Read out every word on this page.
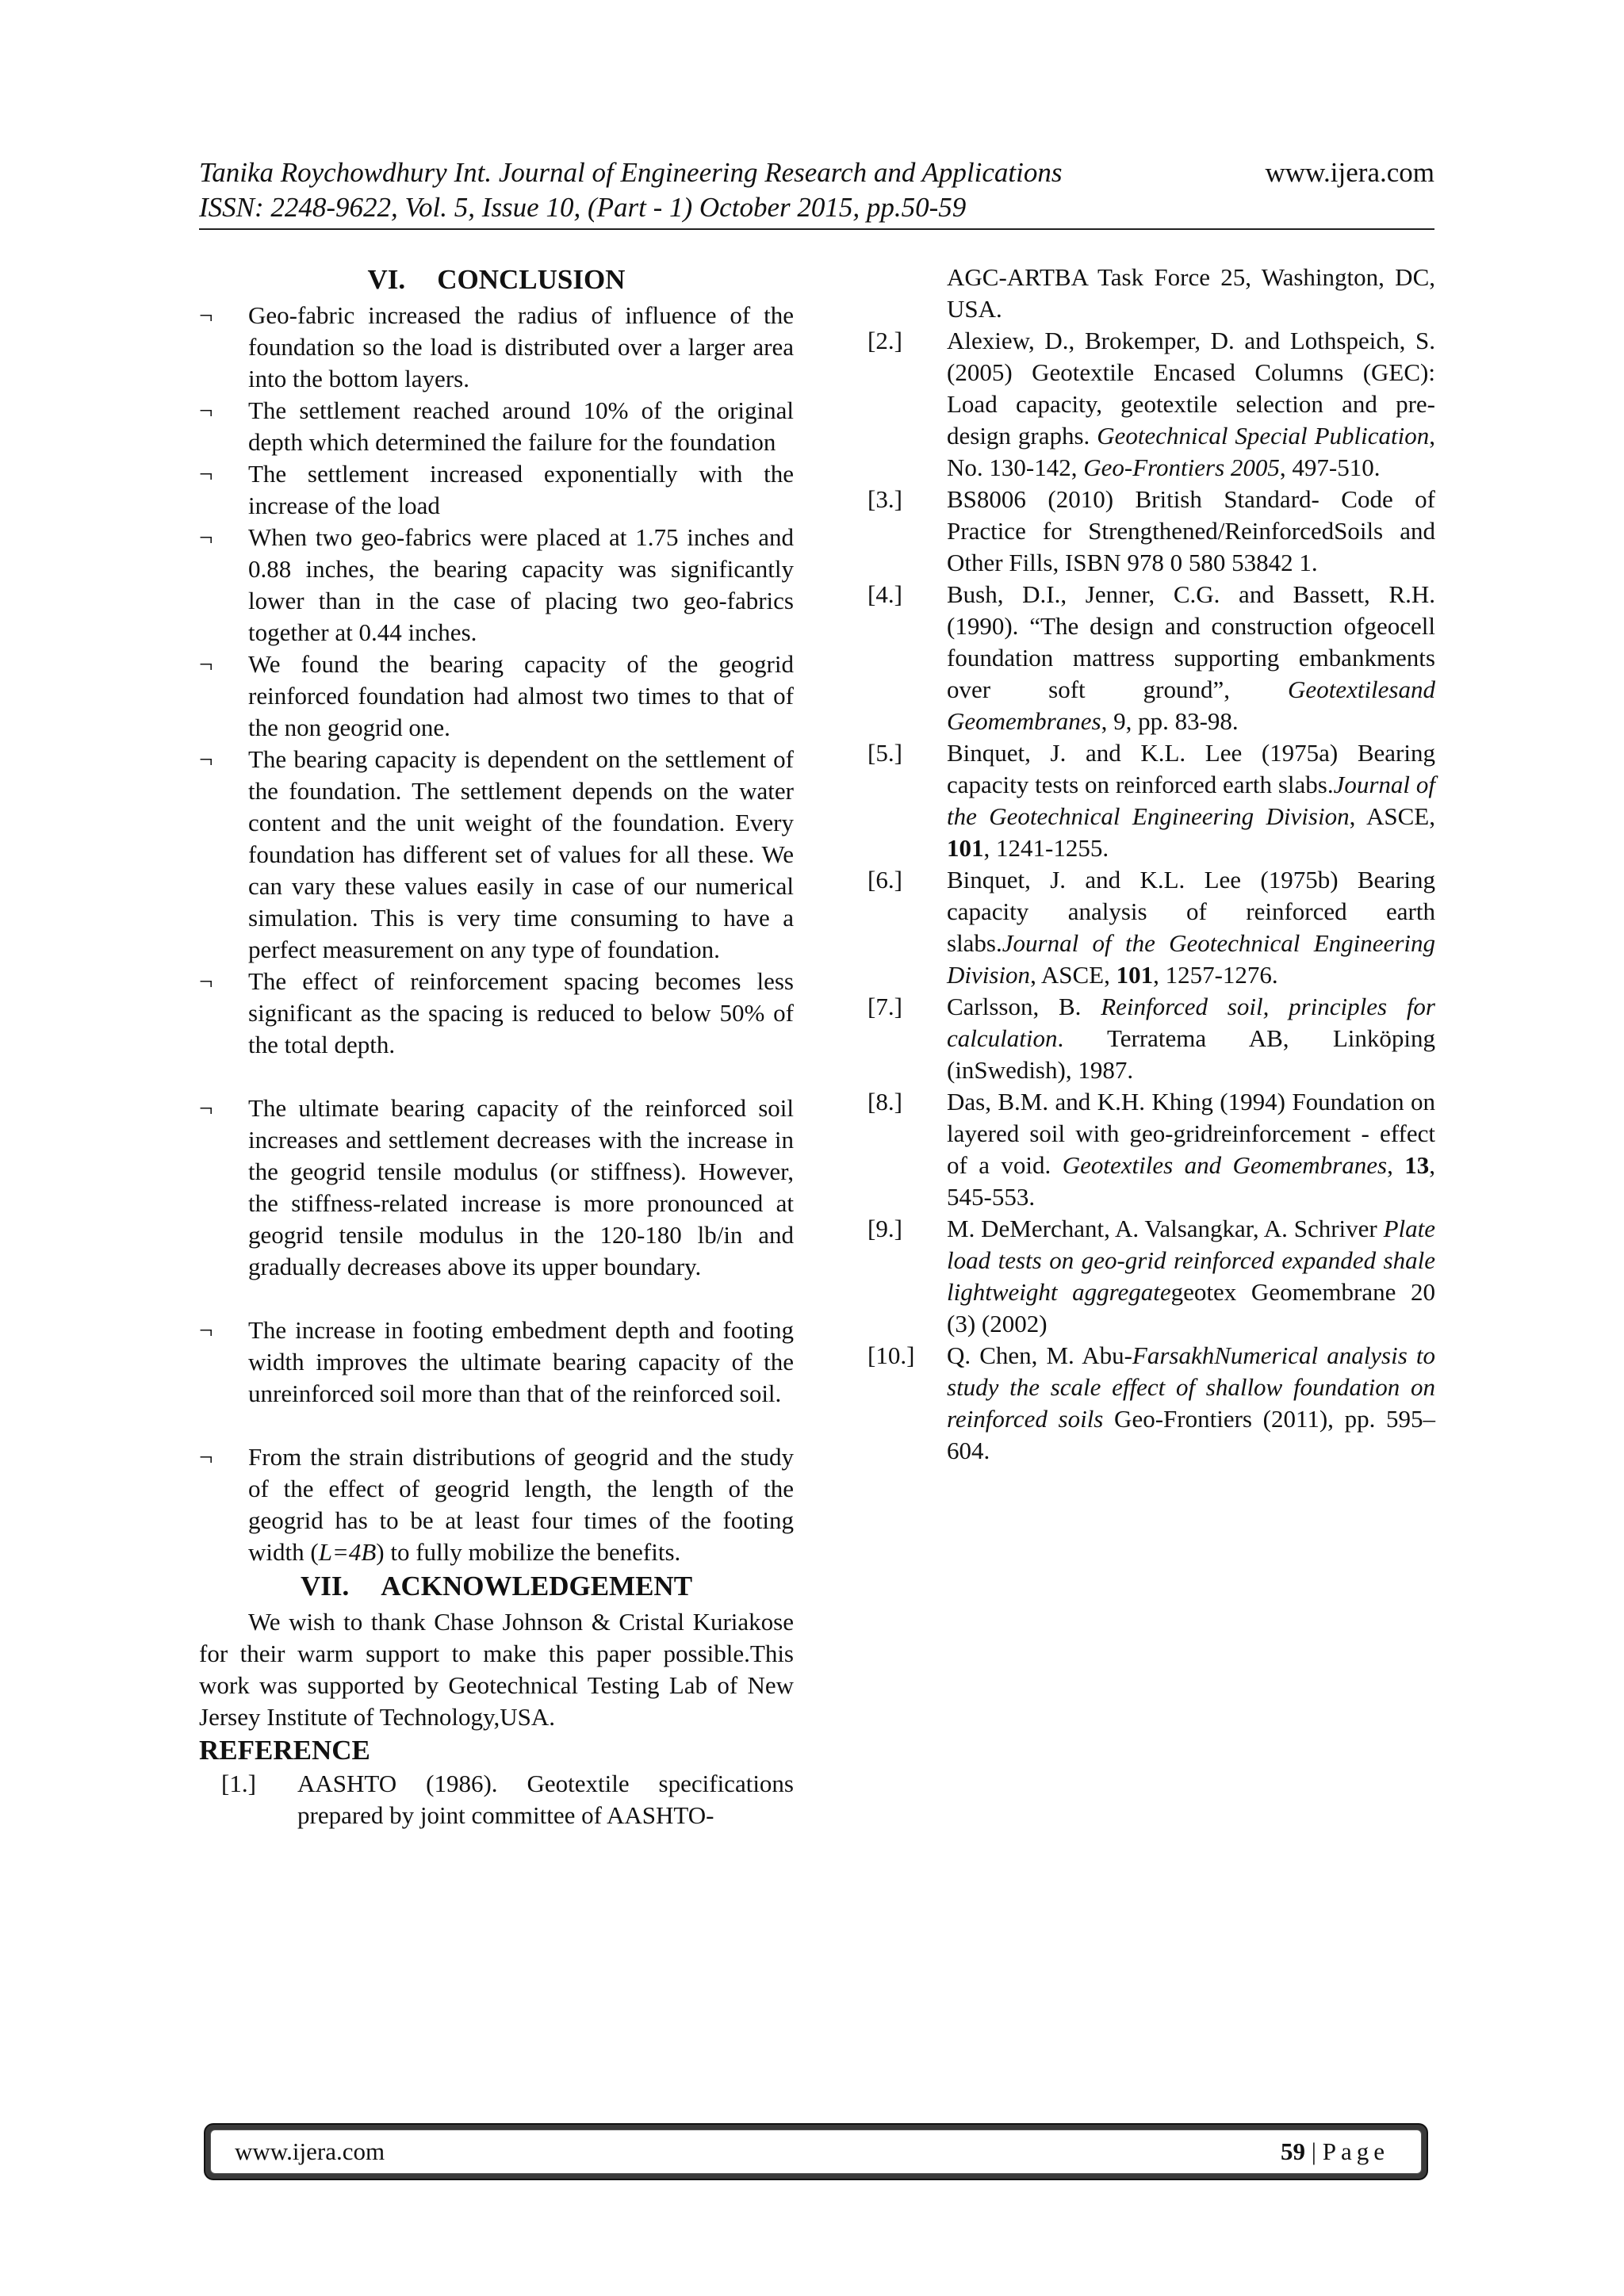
Tanika Roychowdhury Int. Journal of Engineering Research and Applications	www.ijera.com
ISSN: 2248-9622, Vol. 5, Issue 10, (Part - 1) October 2015, pp.50-59
VI. CONCLUSION
¬ Geo-fabric increased the radius of influence of the foundation so the load is distributed over a larger area into the bottom layers.
¬ The settlement reached around 10% of the original depth which determined the failure for the foundation
¬ The settlement increased exponentially with the increase of the load
¬ When two geo-fabrics were placed at 1.75 inches and 0.88 inches, the bearing capacity was significantly lower than in the case of placing two geo-fabrics together at 0.44 inches.
¬ We found the bearing capacity of the geogrid reinforced foundation had almost two times to that of the non geogrid one.
¬ The bearing capacity is dependent on the settlement of the foundation. The settlement depends on the water content and the unit weight of the foundation. Every foundation has different set of values for all these. We can vary these values easily in case of our numerical simulation. This is very time consuming to have a perfect measurement on any type of foundation.
¬ The effect of reinforcement spacing becomes less significant as the spacing is reduced to below 50% of the total depth.
¬ The ultimate bearing capacity of the reinforced soil increases and settlement decreases with the increase in the geogrid tensile modulus (or stiffness). However, the stiffness-related increase is more pronounced at geogrid tensile modulus in the 120-180 lb/in and gradually decreases above its upper boundary.
¬ The increase in footing embedment depth and footing width improves the ultimate bearing capacity of the unreinforced soil more than that of the reinforced soil.
¬ From the strain distributions of geogrid and the study of the effect of geogrid length, the length of the geogrid has to be at least four times of the footing width (L=4B) to fully mobilize the benefits.
VII. ACKNOWLEDGEMENT

We wish to thank Chase Johnson & Cristal Kuriakose for their warm support to make this paper possible.This work was supported by Geotechnical Testing Lab of New Jersey Institute of Technology,USA.

REFERENCE
[1.] AASHTO (1986). Geotextile specifications prepared by joint committee of AASHTO-
AGC-ARTBA Task Force 25, Washington, DC, USA.
[2.] Alexiew, D., Brokemper, D. and Lothspeich, S. (2005) Geotextile Encased Columns (GEC): Load capacity, geotextile selection and pre-design graphs. Geotechnical Special Publication, No. 130-142, Geo-Frontiers 2005, 497-510.
[3.] BS8006 (2010) British Standard- Code of Practice for Strengthened/ReinforcedSoils and Other Fills, ISBN 978 0 580 53842 1.
[4.] Bush, D.I., Jenner, C.G. and Bassett, R.H. (1990). “The design and construction ofgeocell foundation mattress supporting embankments over soft ground”, Geotextilesand Geomembranes, 9, pp. 83-98.
[5.] Binquet, J. and K.L. Lee (1975a) Bearing capacity tests on reinforced earth slabs.Journal of the Geotechnical Engineering Division, ASCE, 101, 1241-1255.
[6.] Binquet, J. and K.L. Lee (1975b) Bearing capacity analysis of reinforced earth slabs.Journal of the Geotechnical Engineering Division, ASCE, 101, 1257-1276.
[7.] Carlsson, B. Reinforced soil, principles for calculation. Terratema AB, Linköping (inSwedish), 1987.
[8.] Das, B.M. and K.H. Khing (1994) Foundation on layered soil with geo-gridreinforcement - effect of a void. Geotextiles and Geomembranes, 13, 545-553.
[9.] M. DeMerchant, A. Valsangkar, A. Schriver Plate load tests on geo-grid reinforced expanded shale lightweight aggregategeotex Geomembrane 20 (3) (2002)
[10.] Q. Chen, M. Abu-FarsakhNumerical analysis to study the scale effect of shallow foundation on reinforced soils Geo-Frontiers (2011), pp. 595–604.
www.ijera.com	59 | Page
